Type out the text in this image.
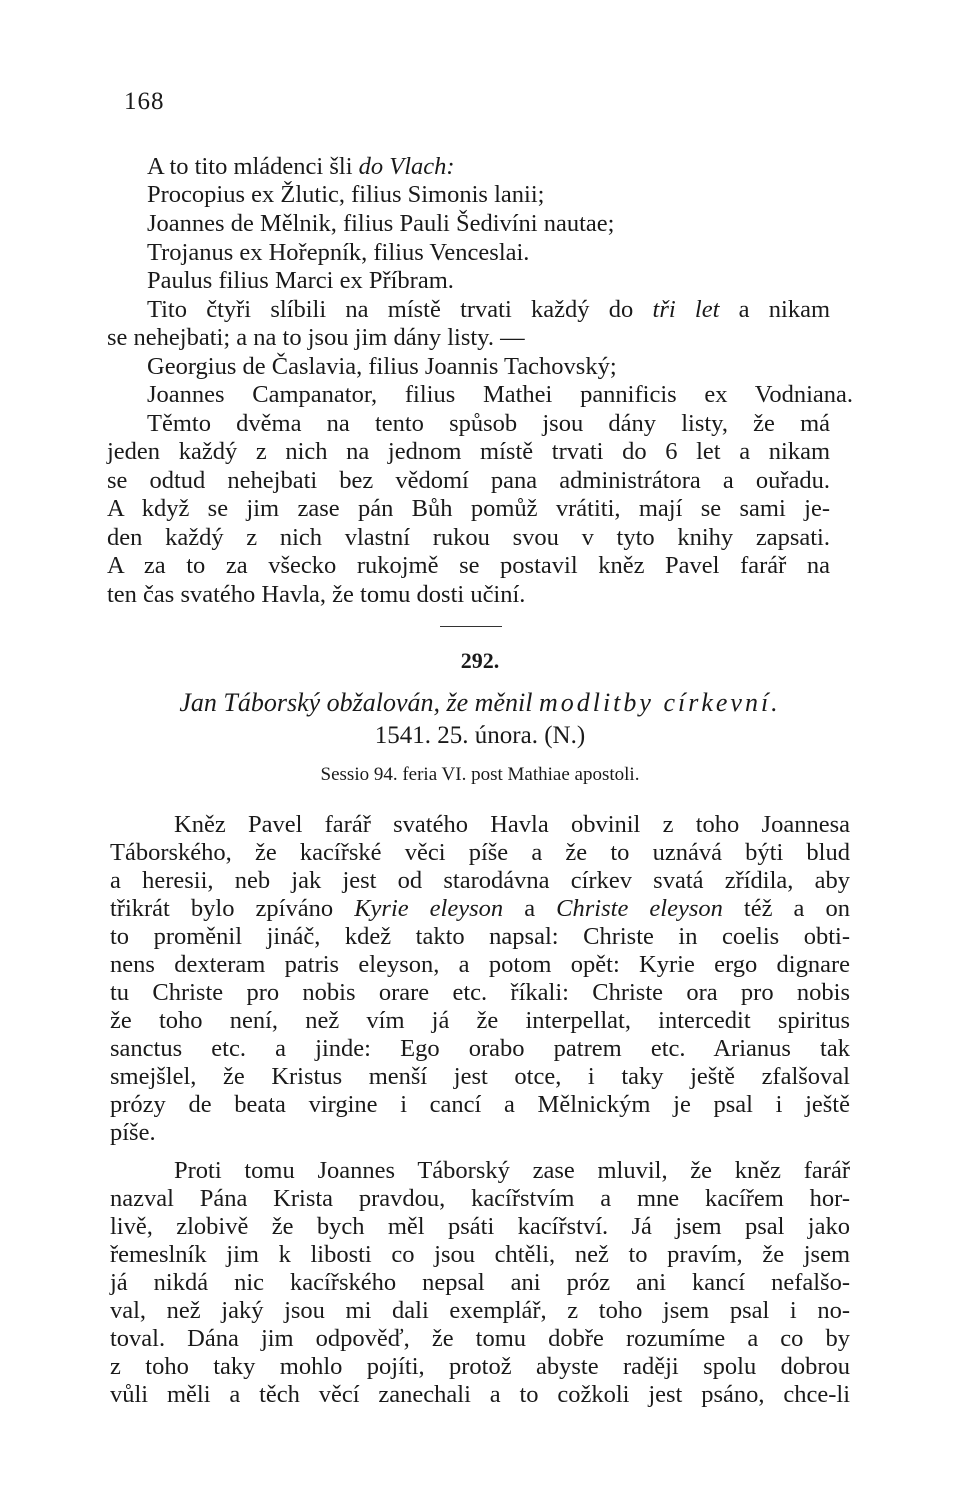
168
A to tito mládenci šli do Vlach:
Procopius ex Žlutic, filius Simonis lanii;
Joannes de Mělnik, filius Pauli Šedivíni nautae;
Trojanus ex Hořepník, filius Venceslai.
Paulus filius Marci ex Příbram.
Tito čtyři slíbili na místě trvati každý do tři let a nikam
se nehejbati; a na to jsou jim dány listy. —
Georgius de Časlavia, filius Joannis Tachovský;
Joannes Campanator, filius Mathei pannificis ex Vodniana.
Těmto dvěma na tento spůsob jsou dány listy, že má
jeden každý z nich na jednom místě trvati do 6 let a nikam
se odtud nehejbati bez vědomí pana administrátora a ouřadu.
A když se jim zase pán Bůh pomůž vrátiti, mají se sami je-
den každý z nich vlastní rukou svou v tyto knihy zapsati.
A za to za všecko rukojmě se postavil kněz Pavel farář na
ten čas svatého Havla, že tomu dosti učiní.
292.
Jan Táborský obžalován, že měnil modlitby církevní.
1541. 25. února. (N.)
Sessio 94. feria VI. post Mathiae apostoli.
Kněz Pavel farář svatého Havla obvinil z toho Joannesa
Táborského, že kacířské věci píše a že to uznává býti blud
a heresii, neb jak jest od starodávna církev svatá zřídila, aby
třikrát bylo zpíváno Kyrie eleyson a Christe eleyson též a on
to proměnil jináč, kdež takto napsal: Christe in coelis obti-
nens dexteram patris eleyson, a potom opět: Kyrie ergo dignare
tu Christe pro nobis orare etc. říkali: Christe ora pro nobis
že toho není, než vím já že interpellat, intercedit spiritus
sanctus etc. a jinde: Ego orabo patrem etc. Arianus tak
smejšlel, že Kristus menší jest otce, i taky ještě zfalšoval
prózy de beata virgine i cancí a Mělnickým je psal i ještě
píše.
Proti tomu Joannes Táborský zase mluvil, že kněz farář
nazval Pána Krista pravdou, kacířstvím a mne kacířem hor-
livě, zlobivě že bych měl psáti kacířství. Já jsem psal jako
řemeslník jim k libosti co jsou chtěli, než to pravím, že jsem
já nikdá nic kacířského nepsal ani próz ani kancí nefalšo-
val, než jaký jsou mi dali exemplář, z toho jsem psal i no-
toval. Dána jim odpověď, že tomu dobře rozumíme a co by
z toho taky mohlo pojíti, protož abyste raději spolu dobrou
vůli měli a těch věcí zanechali a to cožkoli jest psáno, chce-li
